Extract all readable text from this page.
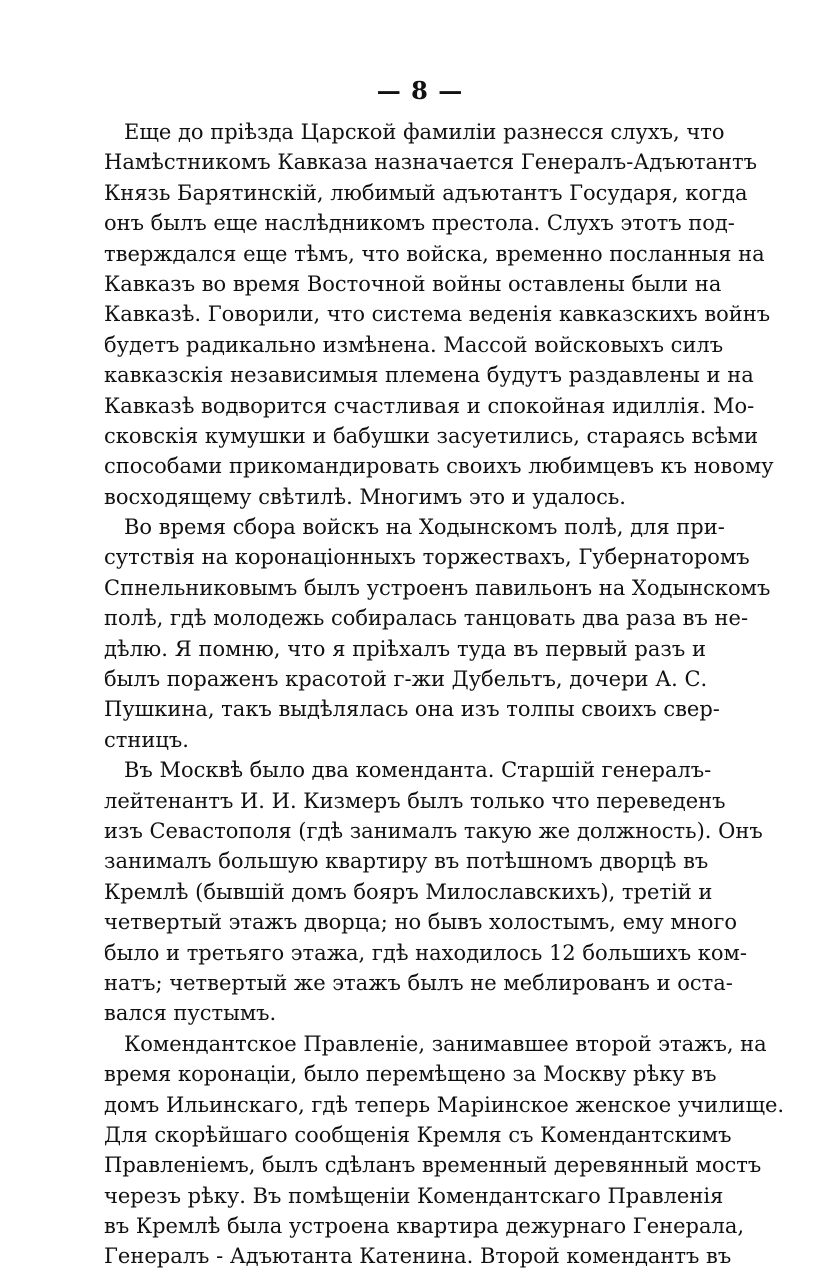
— 8 —
Еще до пріѣзда Царской фамиліи разнесся слухъ, что
Намѣстникомъ Кавказа назначается Генералъ-Адъютантъ
Князь Барятинскій, любимый адъютантъ Государя, когда
онъ былъ еще наслѣдникомъ престола. Слухъ этотъ под-
тверждался еще тѣмъ, что войска, временно посланныя на
Кавказъ во время Восточной войны оставлены были на
Кавказѣ. Говорили, что система веденія кавказскихъ войнъ
будетъ радикально измѣнена. Массой войсковыхъ силъ
кавказскія независимыя племена будутъ раздавлены и на
Кавказѣ водворится счастливая и спокойная идиллія. Мо-
сковскія кумушки и бабушки засуетились, стараясь всѣми
способами прикомандировать своихъ любимцевъ къ новому
восходящему свѣтилѣ. Многимъ это и удалось.
Во время сбора войскъ на Ходынскомъ полѣ, для при-
сутствія на коронаціонныхъ торжествахъ, Губернаторомъ
Спнельниковымъ былъ устроенъ павильонъ на Ходынскомъ
полѣ, гдѣ молодежь собиралась танцовать два раза въ не-
дѣлю. Я помню, что я пріѣхалъ туда въ первый разъ и
былъ пораженъ красотой г-жи Дубельтъ, дочери А. С.
Пушкина, такъ выдѣлялась она изъ толпы своихъ свер-
стницъ.
Въ Москвѣ было два коменданта. Старшій генералъ-
лейтенантъ И. И. Кизмеръ былъ только что переведенъ
изъ Севастополя (гдѣ занималъ такую же должность). Онъ
занималъ большую квартиру въ потѣшномъ дворцѣ въ
Кремлѣ (бывшій домъ бояръ Милославскихъ), третій и
четвертый этажъ дворца; но бывъ холостымъ, ему много
было и третьяго этажа, гдѣ находилось 12 большихъ ком-
натъ; четвертый же этажъ былъ не меблированъ и оста-
вался пустымъ.
Комендантское Правленіе, занимавшее второй этажъ, на
время коронаціи, было перемѣщено за Москву рѣку въ
домъ Ильинскаго, гдѣ теперь Маріинское женское училище.
Для скорѣйшаго сообщенія Кремля съ Комендантскимъ
Правленіемъ, былъ сдѣланъ временный деревянный мостъ
черезъ рѣку. Въ помѣщеніи Комендантскаго Правленія
въ Кремлѣ была устроена квартира дежурнаго Генерала,
Генералъ - Адъютанта Катенина. Второй комендантъ въ
